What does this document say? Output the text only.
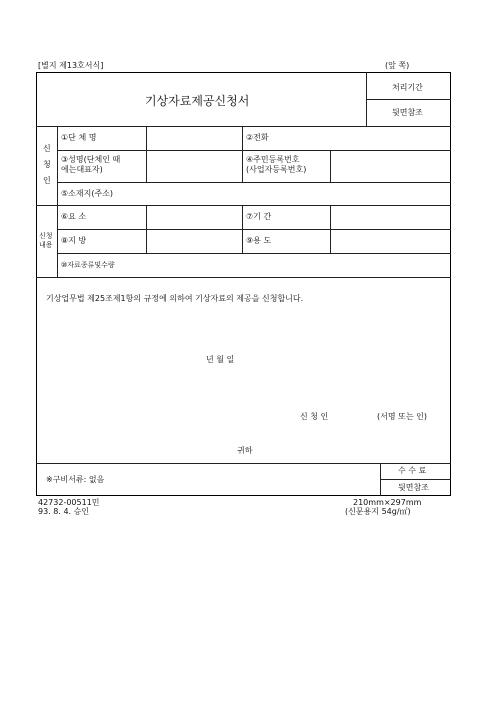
[별지 제13호서식]	(앞 쪽)
기상자료제공신청서
처리기간
뒷면참조
신
청
인
신청
내용
①단 체 명	②전화
③성명(단체인 때
에는대표자)
④주민등록번호
(사업자등록번호)
⑤소재지(주소)
⑥요 소	⑦기 간
⑧지 방	⑨용 도
⑩자료종류및수량
기상업무법 제25조제1항의 규정에 의하여 기상자료의 제공을 신청합니다.
년 월 일
신 청 인	(서명 또는 인)
귀하
※구비서류: 없음
수 수 료
뒷면참조
42732-00511민
93. 8. 4. 승인
210mm×297mm
(신문용지 54g/㎡)
